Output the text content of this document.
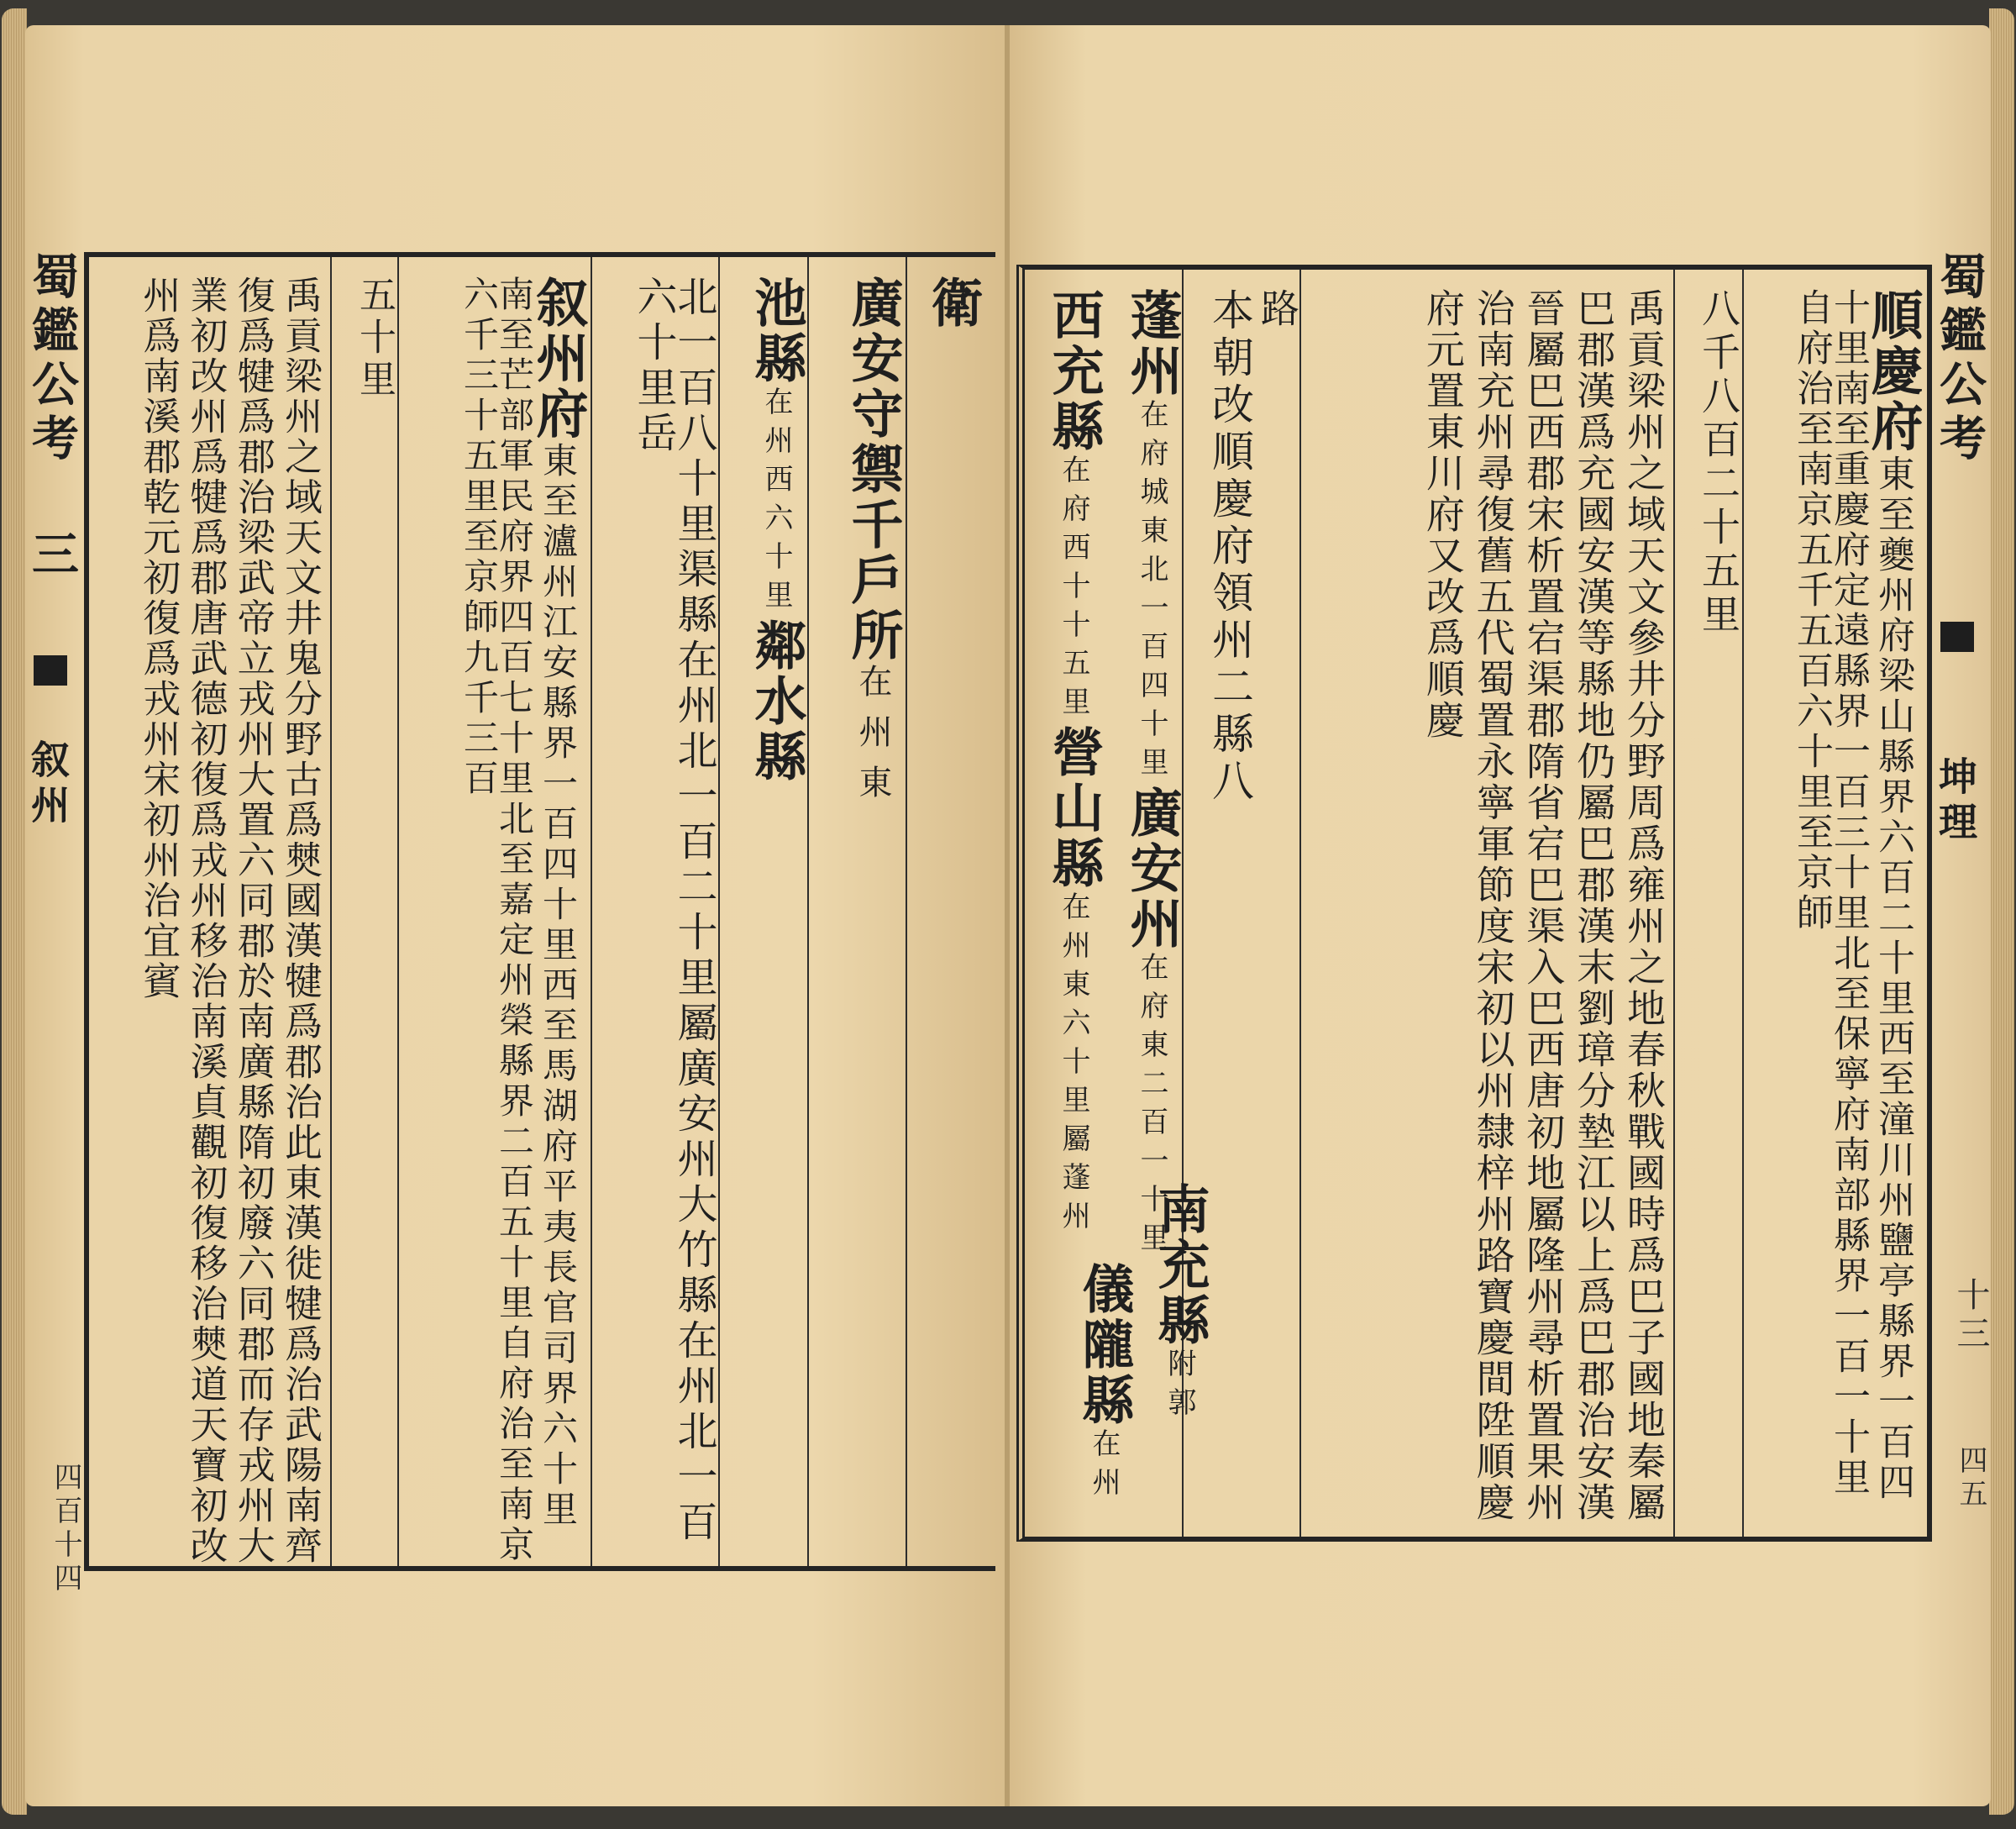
衛
廣安守禦千戶所在州東
池縣在州西六十里鄰水縣
北一百八十里渠縣在州北一百二十里屬廣安州大竹縣在州北一百六十里岳
叙州府東至瀘州江安縣界一百四十里西至馬湖府平夷長官司界六十里南至芒部軍民府界四百七十里北至嘉定州榮縣界二百五十里自府治至南京六千三十五里至京師九千三百
五十里
禹貢梁州之域天文井鬼分野古爲僰國漢犍爲郡治此東漢徙犍爲治武陽南齊復爲犍爲郡治梁武帝立戎州大置六同郡於南廣縣隋初廢六同郡而存戎州大業初改州爲犍爲郡唐武德初復爲戎州移治南溪貞觀初復移治僰道天寶初改州爲南溪郡乾元初復爲戎州宋初州治宜賓
蜀鑑公考 三
叙州
四百十四
順慶府東至夔州府梁山縣界六百二十里西至潼川州鹽亭縣界一百四十里南至重慶府定遠縣界一百三十里北至保寧府南部縣界一百一十里自府治至南京五千五百六十里至京師
八千八百二十五里
禹貢梁州之域天文參井分野周爲雍州之地春秋戰國時爲巴子國地秦屬巴郡漢爲充國安漢等縣地仍屬巴郡漢末劉璋分墊江以上爲巴郡治安漢晉屬巴西郡宋析置宕渠郡隋省宕巴渠入巴西唐初地屬隆州尋析置果州治南充州尋復舊五代蜀置永寧軍節度宋初以州隸梓州路寶慶間陞順慶府元置東川府又改爲順慶
路
本朝改順慶府領州二縣八
蓬州在府城東北一百四十里廣安州在府東二百一十里
西充縣在府西十十五里營山縣在州東六十里屬蓬州
南充縣附郭
儀隴縣在州
蜀鑑公考
坤理
十三
四五
